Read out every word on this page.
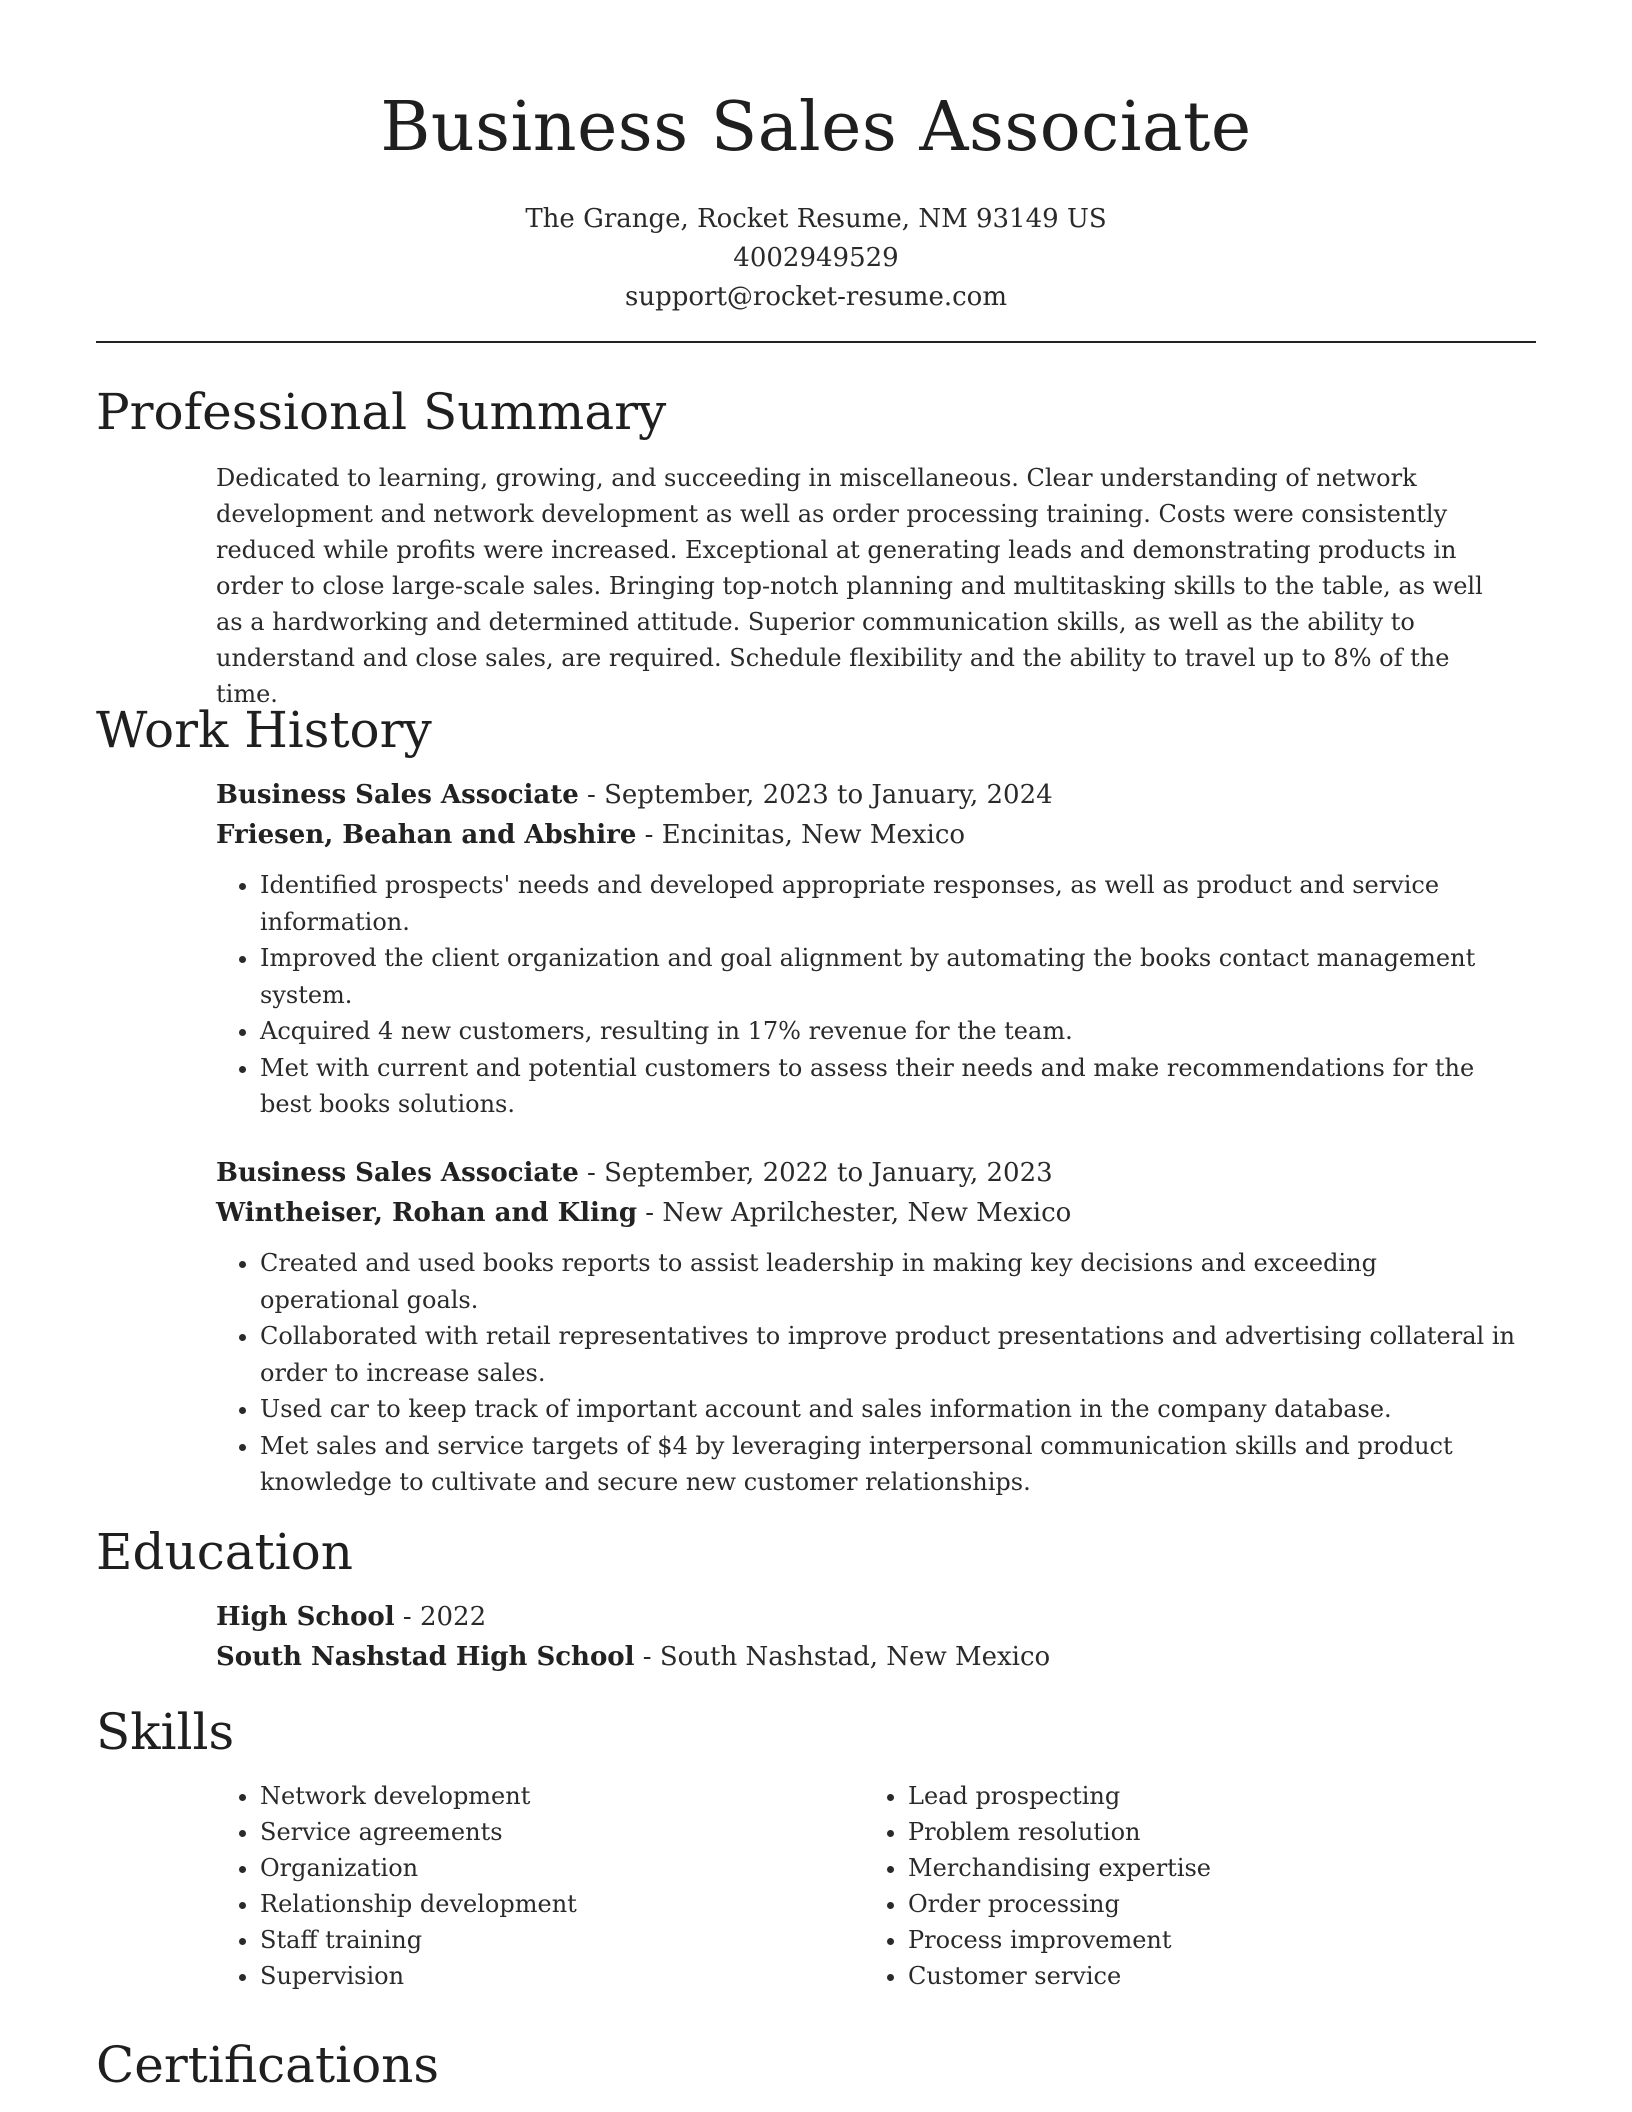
Business Sales Associate
The Grange, Rocket Resume, NM 93149 US
4002949529
support@rocket-resume.com
Professional Summary
Dedicated to learning, growing, and succeeding in miscellaneous. Clear understanding of network development and network development as well as order processing training. Costs were consistently reduced while profits were increased. Exceptional at generating leads and demonstrating products in order to close large-scale sales. Bringing top-notch planning and multitasking skills to the table, as well as a hardworking and determined attitude. Superior communication skills, as well as the ability to understand and close sales, are required. Schedule flexibility and the ability to travel up to 8% of the time.
Work History
Business Sales Associate - September, 2023 to January, 2024
Friesen, Beahan and Abshire - Encinitas, New Mexico
• Identified prospects' needs and developed appropriate responses, as well as product and service information.
• Improved the client organization and goal alignment by automating the books contact management system.
• Acquired 4 new customers, resulting in 17% revenue for the team.
• Met with current and potential customers to assess their needs and make recommendations for the best books solutions.
Business Sales Associate - September, 2022 to January, 2023
Wintheiser, Rohan and Kling - New Aprilchester, New Mexico
• Created and used books reports to assist leadership in making key decisions and exceeding operational goals.
• Collaborated with retail representatives to improve product presentations and advertising collateral in order to increase sales.
• Used car to keep track of important account and sales information in the company database.
• Met sales and service targets of $4 by leveraging interpersonal communication skills and product knowledge to cultivate and secure new customer relationships.
Education
High School - 2022
South Nashstad High School - South Nashstad, New Mexico
Skills
• Network development
• Service agreements
• Organization
• Relationship development
• Staff training
• Supervision
• Lead prospecting
• Problem resolution
• Merchandising expertise
• Order processing
• Process improvement
• Customer service
Certifications
